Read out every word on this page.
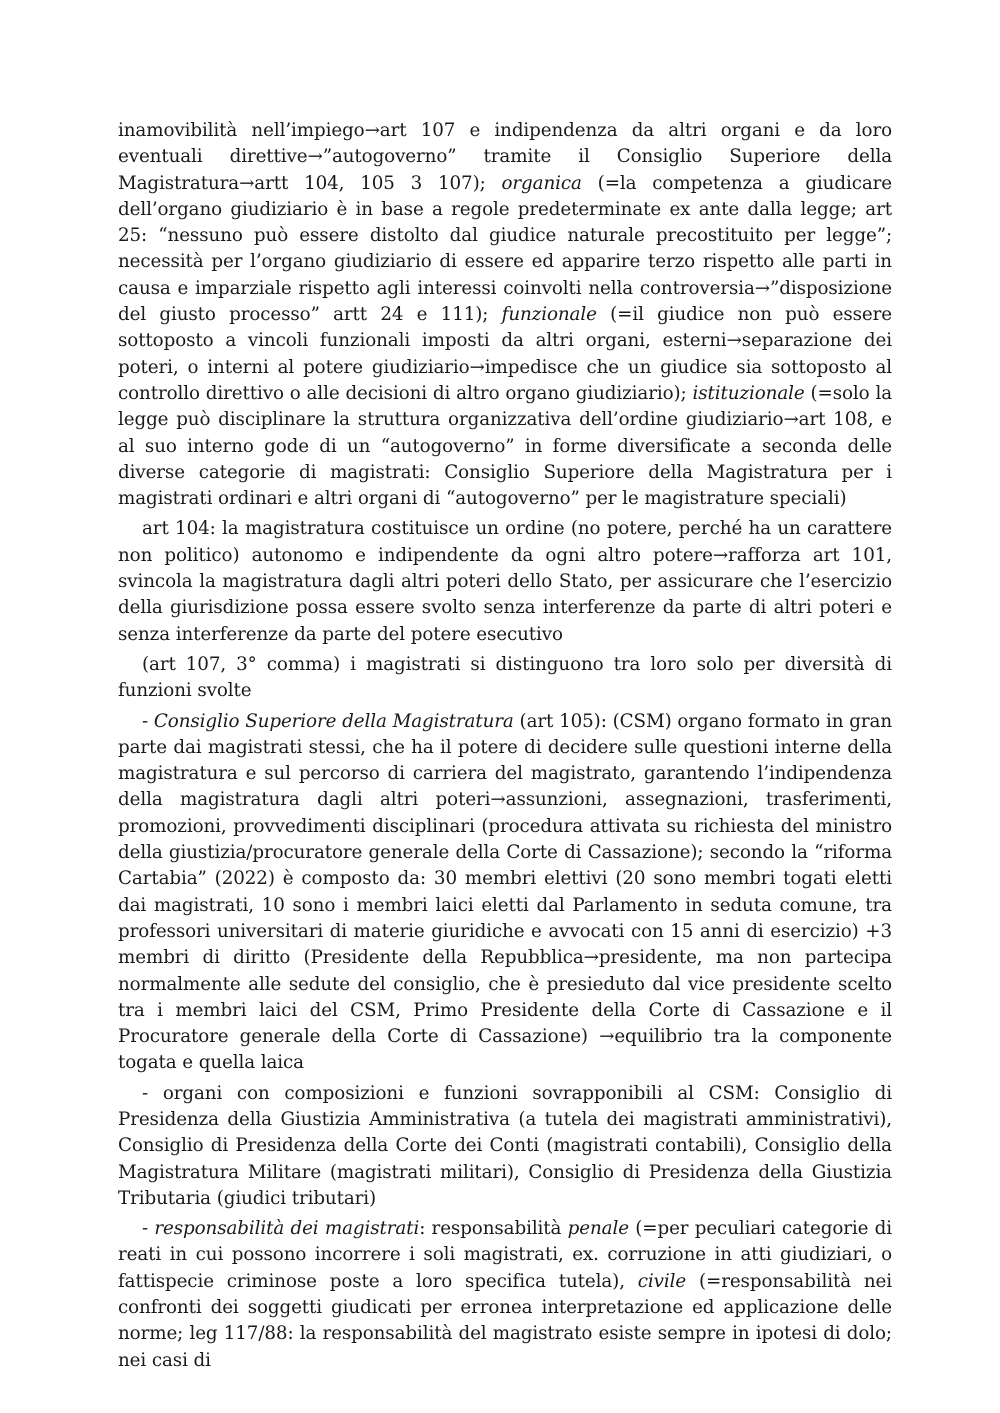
inamovibilità nell’impiego→art 107 e indipendenza da altri organi e da loro eventuali direttive→”autogoverno” tramite il Consiglio Superiore della Magistratura→artt 104, 105 3 107); organica (=la competenza a giudicare dell’organo giudiziario è in base a regole predeterminate ex ante dalla legge; art 25: “nessuno può essere distolto dal giudice naturale precostituito per legge”; necessità per l’organo giudiziario di essere ed apparire terzo rispetto alle parti in causa e imparziale rispetto agli interessi coinvolti nella controversia→”disposizione del giusto processo” artt 24 e 111); funzionale (=il giudice non può essere sottoposto a vincoli funzionali imposti da altri organi, esterni→separazione dei poteri, o interni al potere giudiziario→impedisce che un giudice sia sottoposto al controllo direttivo o alle decisioni di altro organo giudiziario); istituzionale (=solo la legge può disciplinare la struttura organizzativa dell’ordine giudiziario→art 108, e al suo interno gode di un “autogoverno” in forme diversificate a seconda delle diverse categorie di magistrati: Consiglio Superiore della Magistratura per i magistrati ordinari e altri organi di “autogoverno” per le magistrature speciali)

art 104: la magistratura costituisce un ordine (no potere, perché ha un carattere non politico) autonomo e indipendente da ogni altro potere→rafforza art 101, svincola la magistratura dagli altri poteri dello Stato, per assicurare che l’esercizio della giurisdizione possa essere svolto senza interferenze da parte di altri poteri e senza interferenze da parte del potere esecutivo

(art 107, 3° comma) i magistrati si distinguono tra loro solo per diversità di funzioni svolte

- Consiglio Superiore della Magistratura (art 105): (CSM) organo formato in gran parte dai magistrati stessi, che ha il potere di decidere sulle questioni interne della magistratura e sul percorso di carriera del magistrato, garantendo l’indipendenza della magistratura dagli altri poteri→assunzioni, assegnazioni, trasferimenti, promozioni, provvedimenti disciplinari (procedura attivata su richiesta del ministro della giustizia/procuratore generale della Corte di Cassazione); secondo la “riforma Cartabia” (2022) è composto da: 30 membri elettivi (20 sono membri togati eletti dai magistrati, 10 sono i membri laici eletti dal Parlamento in seduta comune, tra professori universitari di materie giuridiche e avvocati con 15 anni di esercizio) +3 membri di diritto (Presidente della Repubblica→presidente, ma non partecipa normalmente alle sedute del consiglio, che è presieduto dal vice presidente scelto tra i membri laici del CSM, Primo Presidente della Corte di Cassazione e il Procuratore generale della Corte di Cassazione) →equilibrio tra la componente togata e quella laica

- organi con composizioni e funzioni sovrapponibili al CSM: Consiglio di Presidenza della Giustizia Amministrativa (a tutela dei magistrati amministrativi), Consiglio di Presidenza della Corte dei Conti (magistrati contabili), Consiglio della Magistratura Militare (magistrati militari), Consiglio di Presidenza della Giustizia Tributaria (giudici tributari)

- responsabilità dei magistrati: responsabilità penale (=per peculiari categorie di reati in cui possono incorrere i soli magistrati, ex. corruzione in atti giudiziari, o fattispecie criminose poste a loro specifica tutela), civile (=responsabilità nei confronti dei soggetti giudicati per erronea interpretazione ed applicazione delle norme; leg 117/88: la responsabilità del magistrato esiste sempre in ipotesi di dolo; nei casi di
